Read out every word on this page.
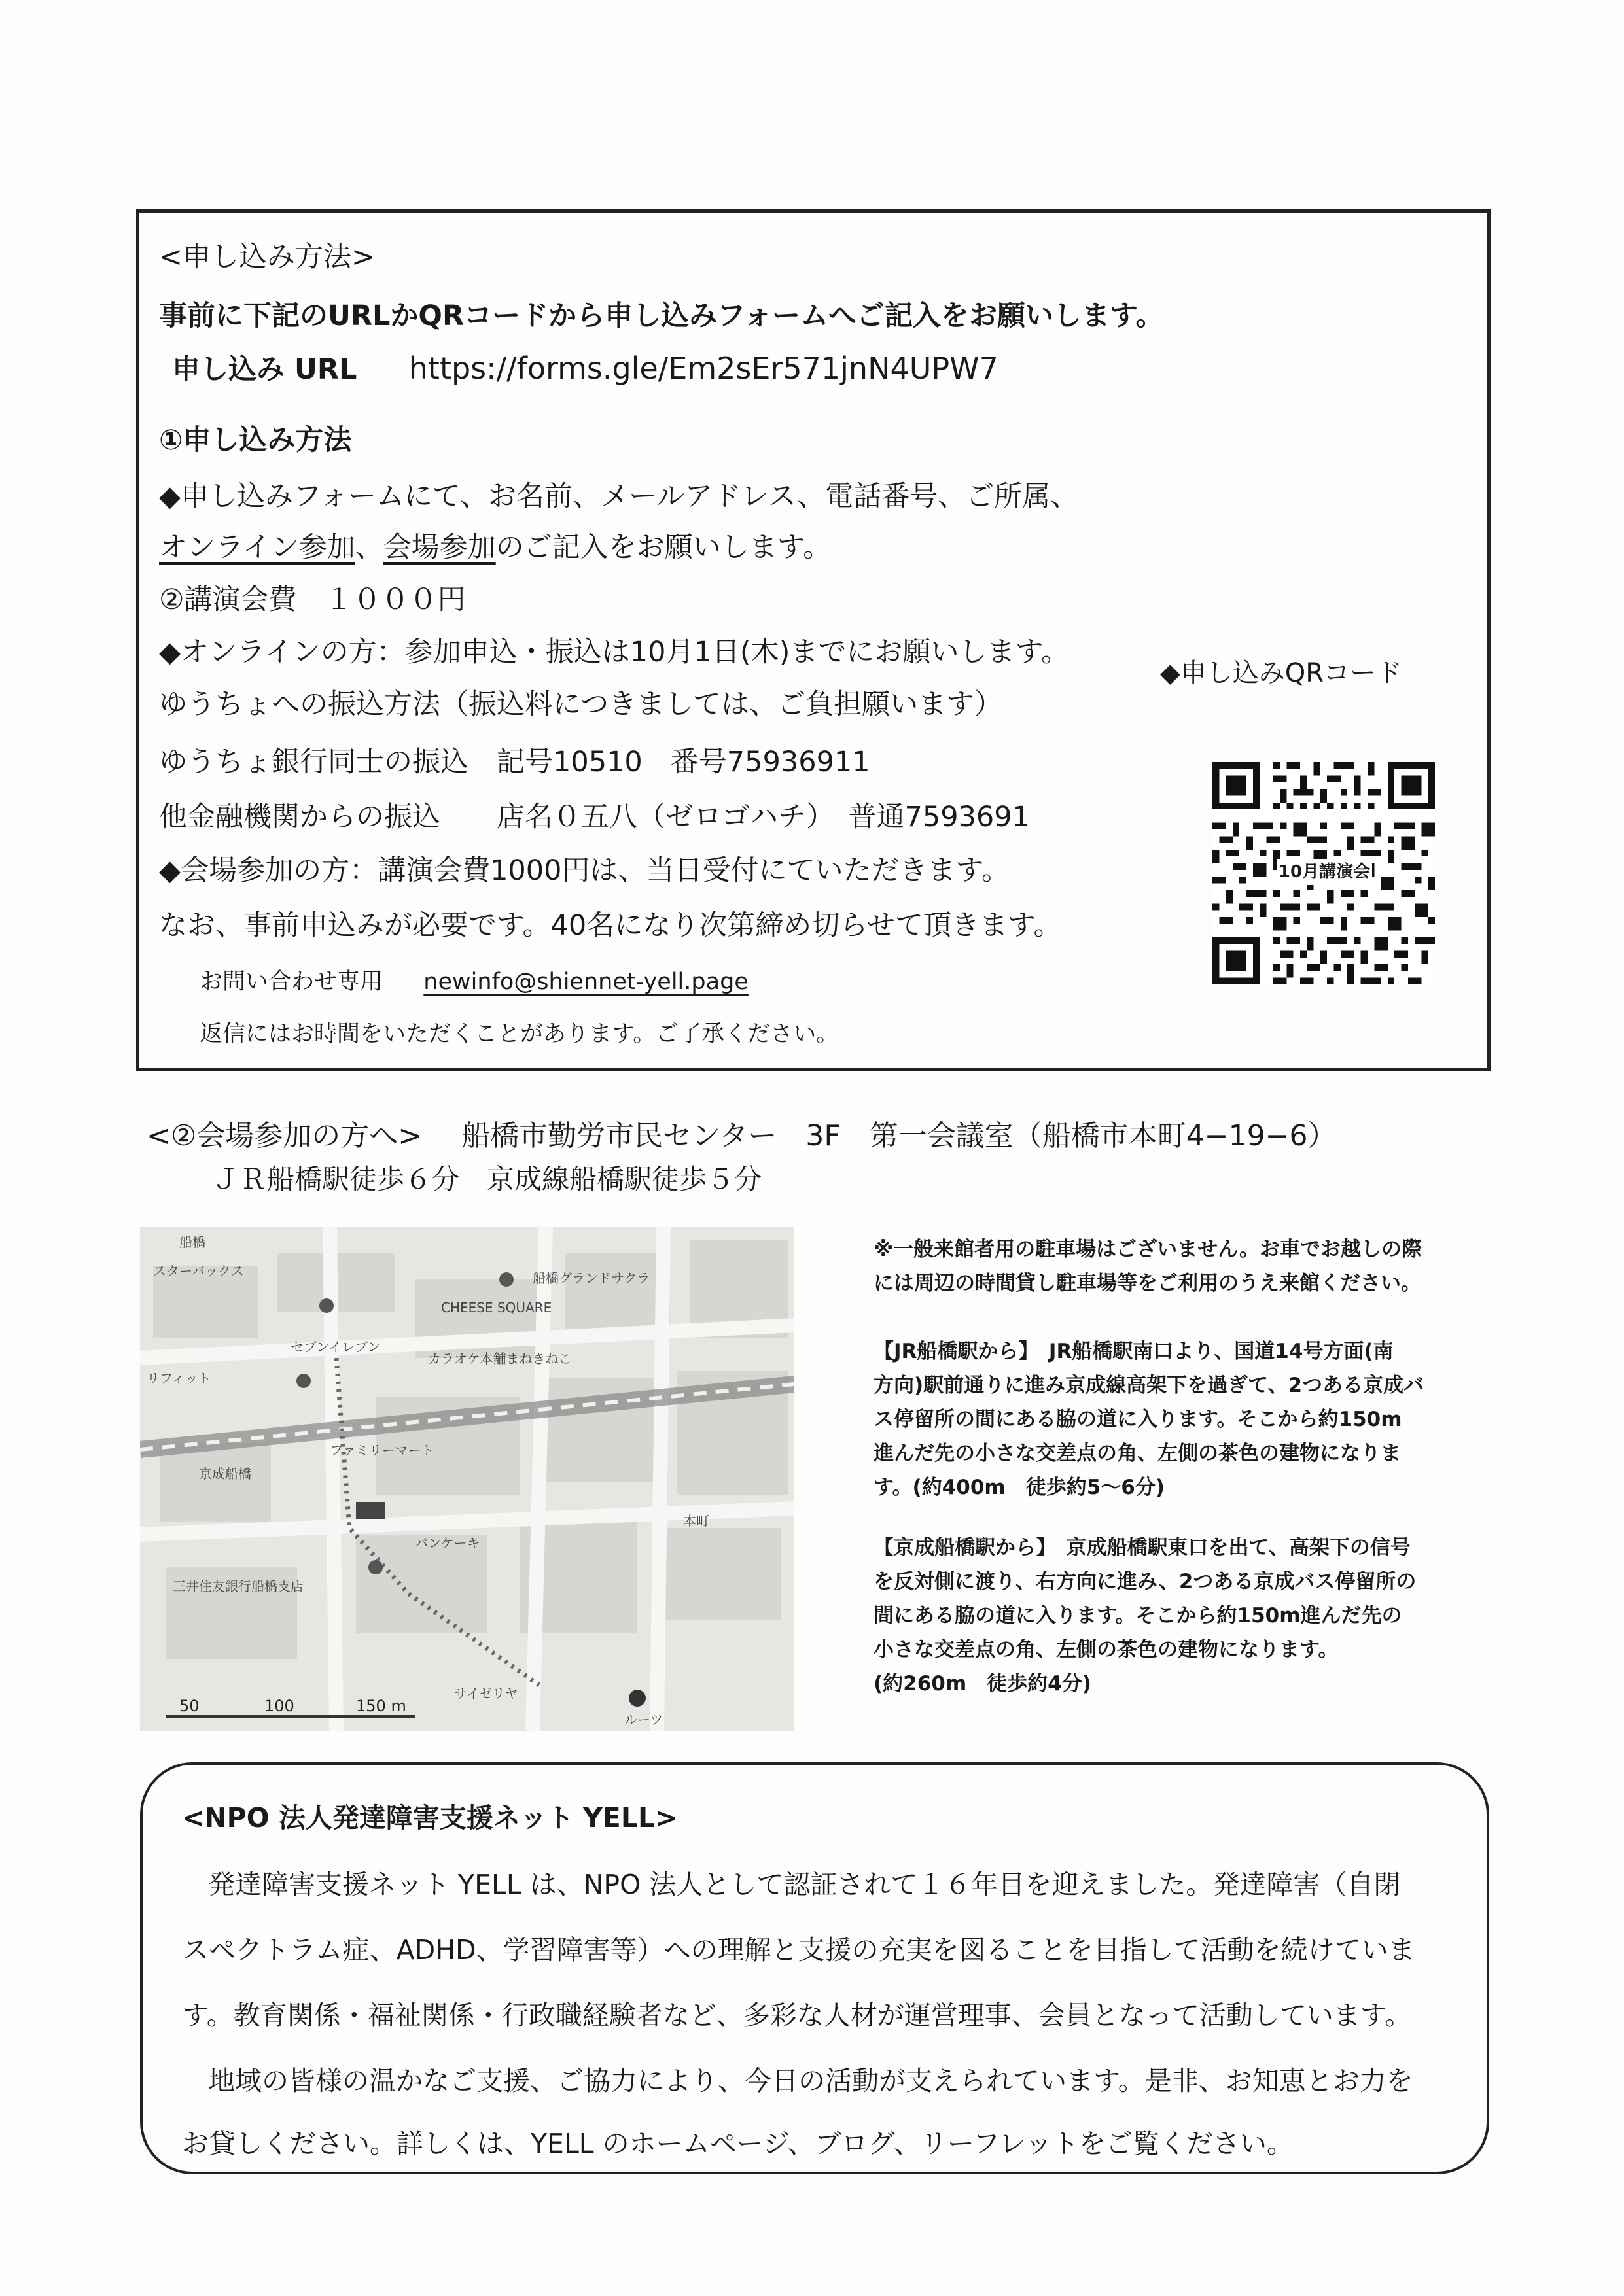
<申し込み方法>
事前に下記のURLかQRコードから申し込みフォームへご記入をお願いします。
申し込み URL https://forms.gle/Em2sEr571jnN4UPW7
①申し込み方法
◆申し込みフォームにて、お名前、メールアドレス、電話番号、ご所属、
オンライン参加、会場参加のご記入をお願いします。
②講演会費　１０００円
◆オンラインの方：参加申込・振込は10月1日(木)までにお願いします。
ゆうちょへの振込方法（振込料につきましては、ご負担願います）
ゆうちょ銀行同士の振込　記号10510　番号75936911
他金融機関からの振込　　店名０五八（ゼロゴハチ）　普通7593691
◆会場参加の方：講演会費1000円は、当日受付にていただきます。
なお、事前申込みが必要です。40名になり次第締め切らせて頂きます。
お問い合わせ専用 newinfo@shiennet-yell.page
返信にはお時間をいただくことがあります。ご了承ください。
◆申し込みQRコード
10月講演会
<②会場参加の方へ> 船橋市勤労市民センター　3F　第一会議室（船橋市本町4−19−6）
ＪＲ船橋駅徒歩６分　京成線船橋駅徒歩５分
船橋
スターバックス	船橋グランドサクラ
CHEESE SQUARE
セブンイレブン
カラオケ本舗まねきねこ
リフィット
京成船橋
ファミリーマート
三井住友銀行船橋支店
パンケーキ
サイゼリヤ
ルーツ
本町
50	100	150 m

※一般来館者用の駐車場はございません。お車でお越しの際

には周辺の時間貸し駐車場等をご利用のうえ来館ください。

【JR船橋駅から】　JR船橋駅南口より、国道14号方面(南

方向)駅前通りに進み京成線高架下を過ぎて、2つある京成バ

ス停留所の間にある脇の道に入ります。そこから約150m

進んだ先の小さな交差点の角、左側の茶色の建物になりま

す。(約400m　徒歩約5〜6分)

【京成船橋駅から】　京成船橋駅東口を出て、高架下の信号

を反対側に渡り、右方向に進み、2つある京成バス停留所の

間にある脇の道に入ります。そこから約150m進んだ先の

小さな交差点の角、左側の茶色の建物になります。

(約260m　徒歩約4分)

<NPO 法人発達障害支援ネット YELL>
発達障害支援ネット YELL は、NPO 法人として認証されて１６年目を迎えました。発達障害（自閉
スペクトラム症、ADHD、学習障害等）への理解と支援の充実を図ることを目指して活動を続けていま
す。教育関係・福祉関係・行政職経験者など、多彩な人材が運営理事、会員となって活動しています。
地域の皆様の温かなご支援、ご協力により、今日の活動が支えられています。是非、お知恵とお力を
お貸しください。詳しくは、YELL のホームページ、ブログ、リーフレットをご覧ください。
